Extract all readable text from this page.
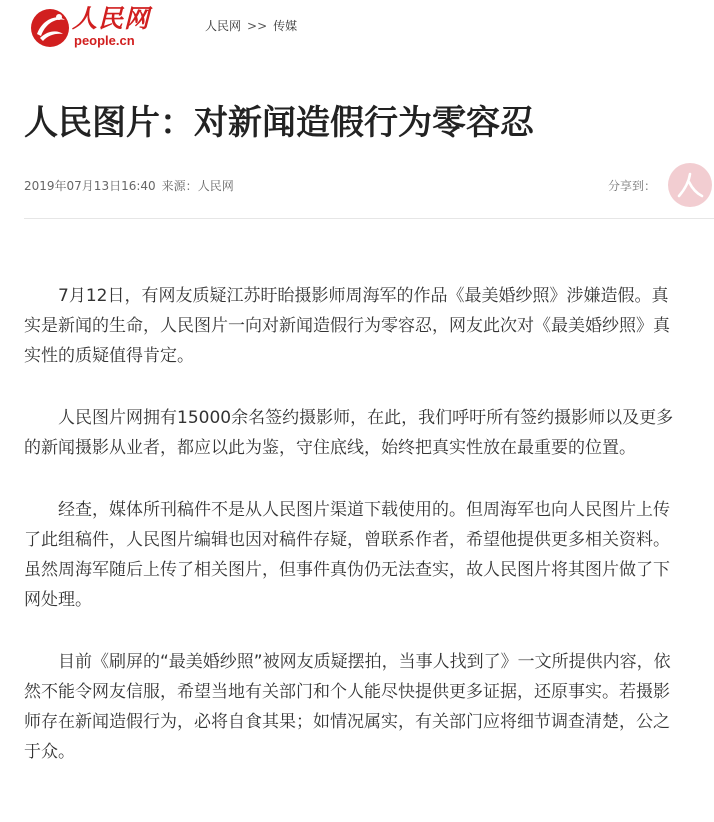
人民网
people.cn
人民网 >> 传媒
人民图片：对新闻造假行为零容忍
2019年07月13日16:40 来源：人民网	分享到：

7月12日，有网友质疑江苏盱眙摄影师周海军的作品《最美婚纱照》涉嫌造假。真实是新闻的生命，人民图片一向对新闻造假行为零容忍，网友此次对《最美婚纱照》真实性的质疑值得肯定。

人民图片网拥有15000余名签约摄影师，在此，我们呼吁所有签约摄影师以及更多的新闻摄影从业者，都应以此为鉴，守住底线，始终把真实性放在最重要的位置。

经查，媒体所刊稿件不是从人民图片渠道下载使用的。但周海军也向人民图片上传了此组稿件，人民图片编辑也因对稿件存疑，曾联系作者，希望他提供更多相关资料。虽然周海军随后上传了相关图片，但事件真伪仍无法查实，故人民图片将其图片做了下网处理。

目前《刷屏的“最美婚纱照”被网友质疑摆拍，当事人找到了》一文所提供内容，依然不能令网友信服，希望当地有关部门和个人能尽快提供更多证据，还原事实。若摄影师存在新闻造假行为，必将自食其果；如情况属实，有关部门应将细节调查清楚，公之于众。
